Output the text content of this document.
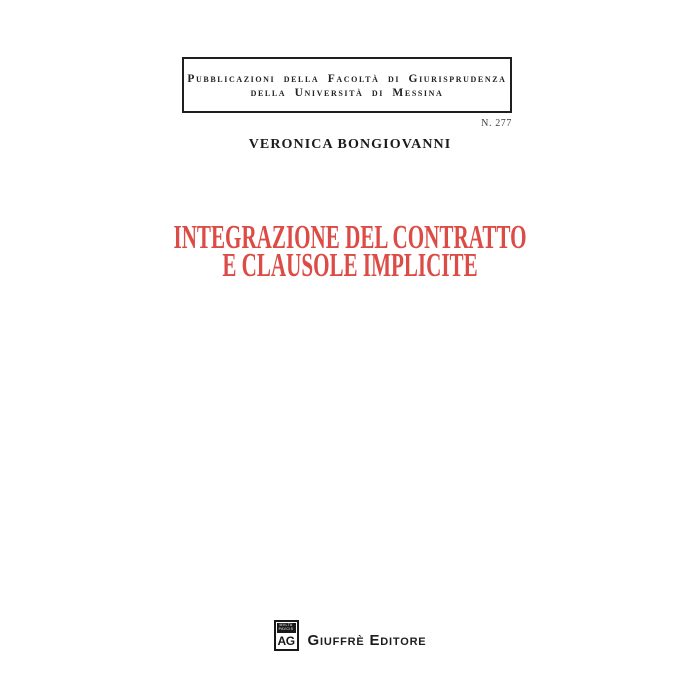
Pubblicazioni della Facoltà di Giurisprudenza
della Università di Messina
N. 277
VERONICA BONGIOVANNI
INTEGRAZIONE DEL CONTRATTO
E CLAUSOLE IMPLICITE
MVLTA
PAVCIS
AG Giuffrè Editore
